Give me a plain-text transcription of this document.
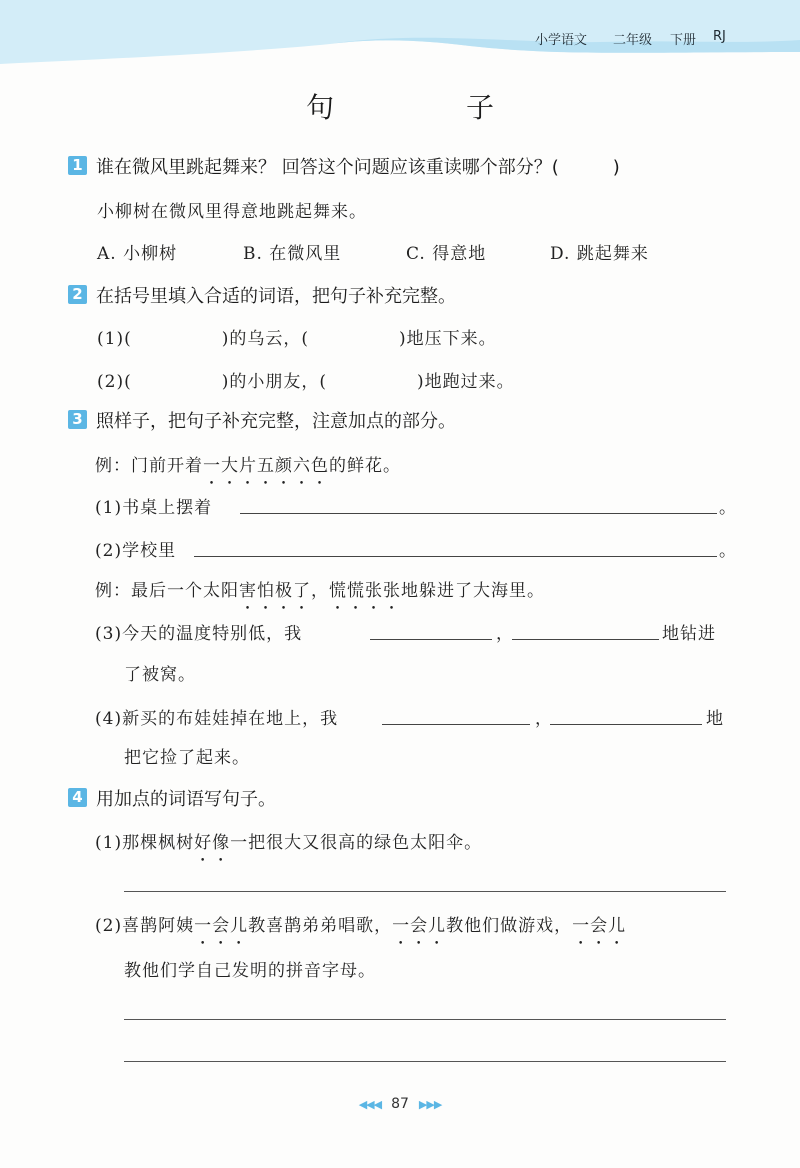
小学语文 二年级 下册 RJ
句　子
1 谁在微风里跳起舞来？ 回答这个问题应该重读哪个部分？(　　　)
小柳树在微风里得意地跳起舞来。
A. 小柳树	B. 在微风里	C. 得意地	D. 跳起舞来
2 在括号里填入合适的词语，把句子补充完整。
(1)(　　　　　)的乌云，(　　　　　)地压下来。
(2)(　　　　　)的小朋友，(　　　　　)地跑过来。
3 照样子，把句子补充完整，注意加点的部分。
例：门前开着一大片五颜六色的鲜花。
(1)书桌上摆着	。
(2)学校里	。
例：最后一个太阳害怕极了，慌慌张张地躲进了大海里。
(3)今天的温度特别低，我	，	地钻进
了被窝。
(4)新买的布娃娃掉在地上，我	，	地
把它捡了起来。
4 用加点的词语写句子。
(1)那棵枫树好像一把很大又很高的绿色太阳伞。
(2)喜鹊阿姨一会儿教喜鹊弟弟唱歌，一会儿教他们做游戏，一会儿
教他们学自己发明的拼音字母。
◀◀◀ 87 ▶▶▶
